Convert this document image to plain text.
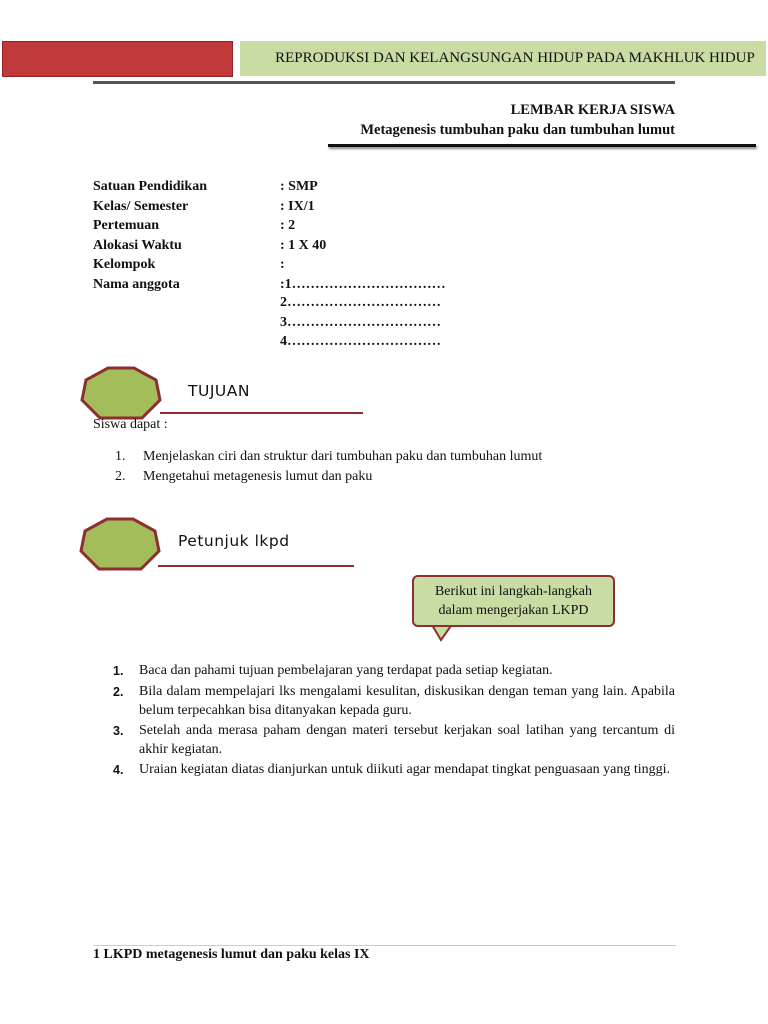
REPRODUKSI DAN KELANGSUNGAN HIDUP PADA MAKHLUK HIDUP
LEMBAR KERJA SISWA
Metagenesis tumbuhan paku dan tumbuhan lumut
Satuan Pendidikan	: SMP
Kelas/ Semester	: IX/1
Pertemuan	: 2
Alokasi Waktu	: 1 X 40
Kelompok	:
Nama anggota	:1……………………………
2……………………………
3……………………………
4……………………………
TUJUAN
Siswa dapat :
1.	Menjelaskan ciri dan struktur dari tumbuhan paku dan tumbuhan lumut
2.	Mengetahui metagenesis lumut dan paku
Petunjuk lkpd
Berikut ini langkah-langkah
dalam mengerjakan LKPD
1.	Baca dan pahami tujuan pembelajaran yang terdapat pada setiap kegiatan.
2.	Bila dalam mempelajari lks mengalami kesulitan, diskusikan dengan teman yang lain. Apabila belum terpecahkan bisa ditanyakan kepada guru.
3.	Setelah anda merasa paham dengan materi tersebut kerjakan soal latihan yang tercantum di akhir kegiatan.
4.	Uraian kegiatan diatas dianjurkan untuk diikuti agar mendapat tingkat penguasaan yang tinggi.
1 LKPD metagenesis lumut dan paku kelas IX
